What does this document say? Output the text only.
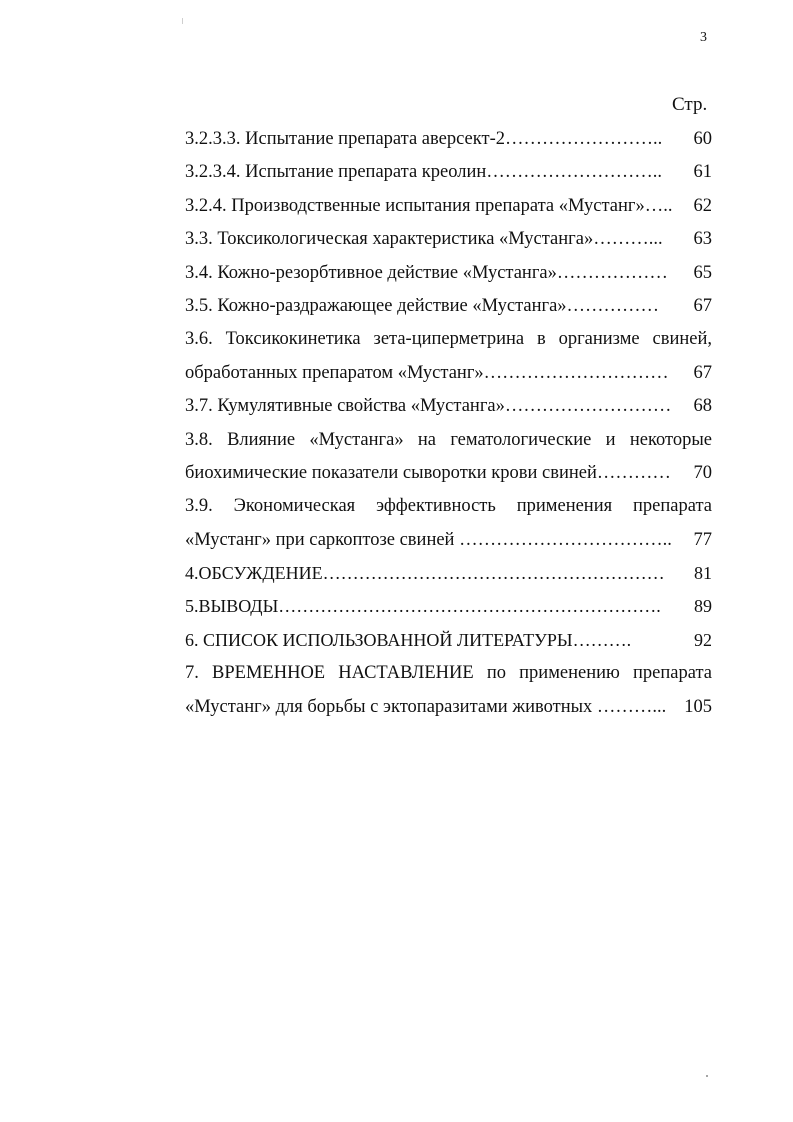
3
Стр.
3.2.3.3. Испытание препарата аверсект-2……………………..	60
3.2.3.4. Испытание препарата креолин………………………..	61
3.2.4. Производственные испытания препарата «Мустанг»…..	62
3.3. Токсикологическая характеристика «Мустанга»………...	63
3.4. Кожно-резорбтивное действие «Мустанга»………………	65
3.5. Кожно-раздражающее действие «Мустанга»……………	67
3.6. Токсикокинетика зета-циперметрина в организме свиней,
обработанных препаратом «Мустанг»…………………………	67
3.7. Кумулятивные свойства «Мустанга»………………………	68
3.8. Влияние «Мустанга» на гематологические и некоторые
биохимические показатели сыворотки крови свиней…………	70
3.9. Экономическая эффективность применения препарата
«Мустанг» при саркоптозе свиней ……………………………..	77
4.ОБСУЖДЕНИЕ…………………………………………………	81
5.ВЫВОДЫ……………………………………………………….	89
6. СПИСОК ИСПОЛЬЗОВАННОЙ ЛИТЕРАТУРЫ……….	92
7. ВРЕМЕННОЕ НАСТАВЛЕНИЕ по применению препарата
«Мустанг» для борьбы с эктопаразитами животных ………... 105
